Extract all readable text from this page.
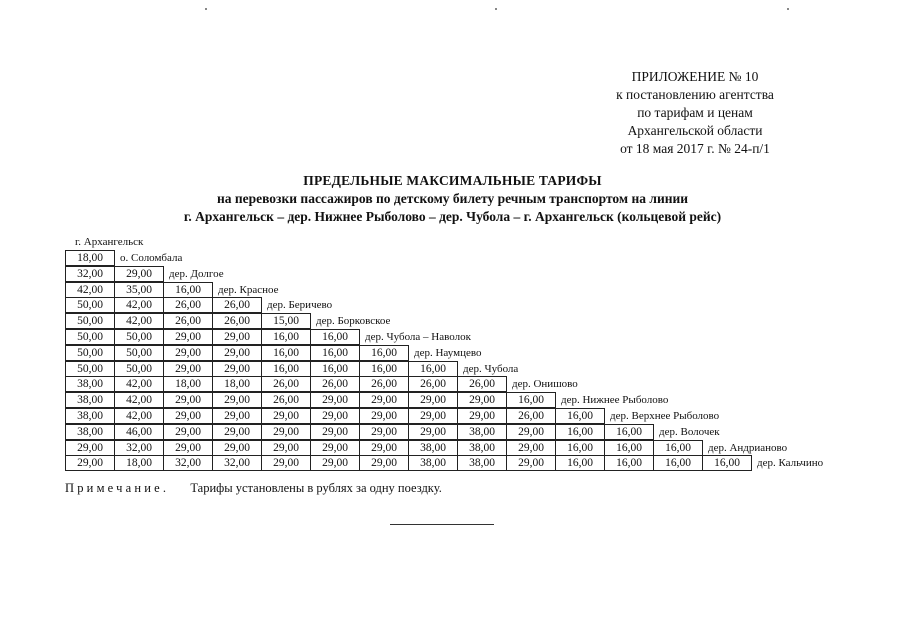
ПРИЛОЖЕНИЕ № 10
к постановлению агентства
по тарифам и ценам
Архангельской области
от 18 мая 2017 г. № 24-п/1
ПРЕДЕЛЬНЫЕ МАКСИМАЛЬНЫЕ ТАРИФЫ
на перевозки пассажиров по детскому билету речным транспортом на линии
г. Архангельск – дер. Нижнее Рыболово – дер. Чубола – г. Архангельск (кольцевой рейс)
г. Архангельск
18,00	о. Соломбала
32,00	29,00	дер. Долгое
42,00	35,00	16,00	дер. Красное
50,00	42,00	26,00	26,00	дер. Беричево
50,00	42,00	26,00	26,00	15,00	дер. Борковское
50,00	50,00	29,00	29,00	16,00	16,00	дер. Чубола – Наволок
50,00	50,00	29,00	29,00	16,00	16,00	16,00	дер. Наумцево
50,00	50,00	29,00	29,00	16,00	16,00	16,00	16,00	дер. Чубола
38,00	42,00	18,00	18,00	26,00	26,00	26,00	26,00	26,00	дер. Онишово
38,00	42,00	29,00	29,00	26,00	29,00	29,00	29,00	29,00	16,00	дер. Нижнее Рыболово
38,00	42,00	29,00	29,00	29,00	29,00	29,00	29,00	29,00	26,00	16,00	дер. Верхнее Рыболово
38,00	46,00	29,00	29,00	29,00	29,00	29,00	29,00	38,00	29,00	16,00	16,00	дер. Волочек
29,00	32,00	29,00	29,00	29,00	29,00	29,00	38,00	38,00	29,00	16,00	16,00	16,00	дер. Андрианово
29,00	18,00	32,00	32,00	29,00	29,00	29,00	38,00	38,00	29,00	16,00	16,00	16,00	16,00	дер. Кальчино
Примечание. Тарифы установлены в рублях за одну поездку.
